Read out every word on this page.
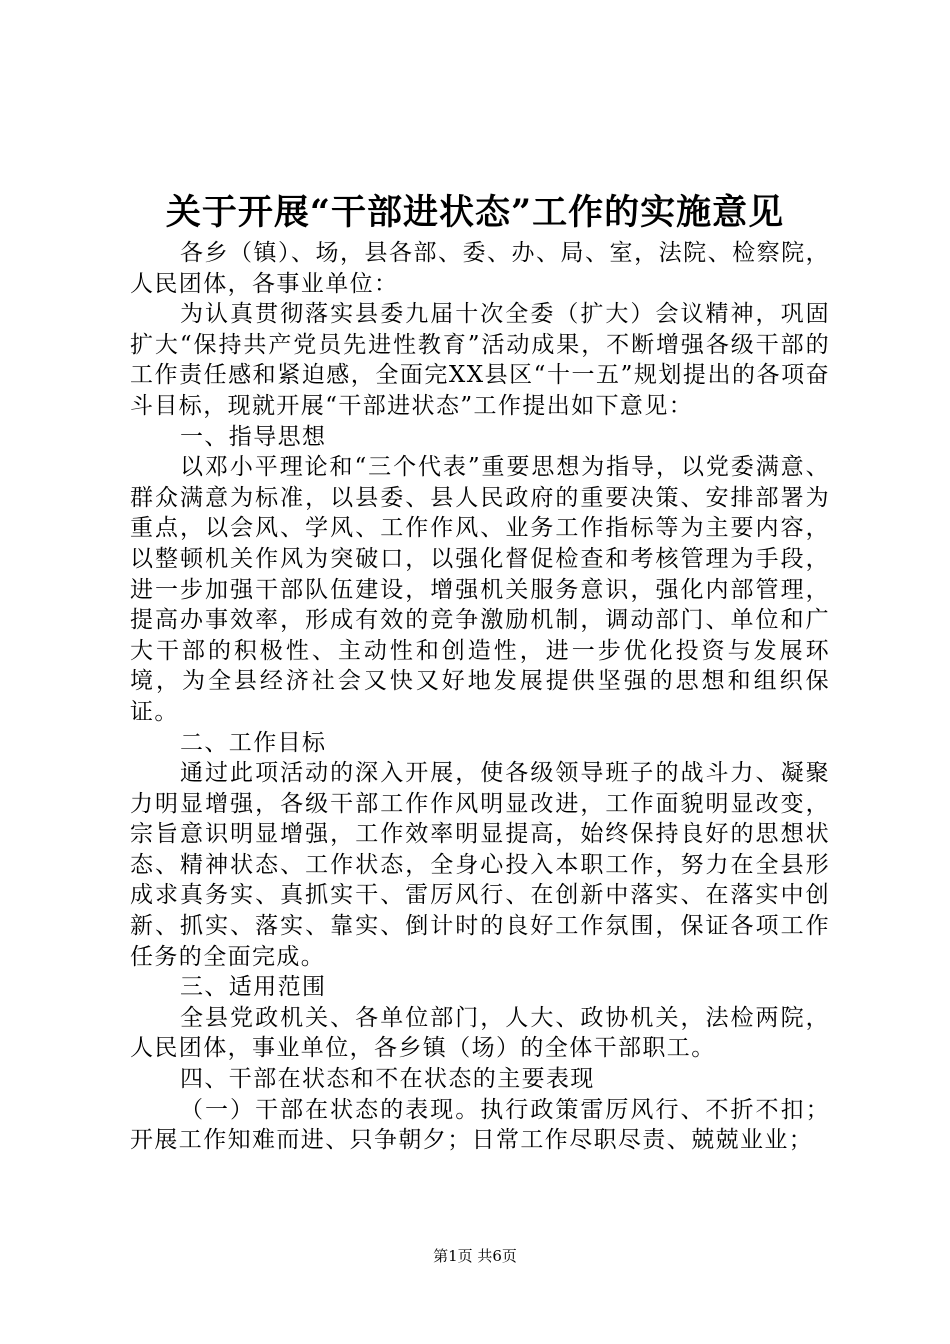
关于开展“干部进状态”工作的实施意见

各乡（镇）、场，县各部、委、办、局、室，法院、检察院，人民团体，各事业单位：

为认真贯彻落实县委九届十次全委（扩大）会议精神，巩固扩大“保持共产党员先进性教育”活动成果，不断增强各级干部的工作责任感和紧迫感，全面完XX县区“十一五”规划提出的各项奋斗目标，现就开展“干部进状态”工作提出如下意见：

一、指导思想

以邓小平理论和“三个代表”重要思想为指导，以党委满意、群众满意为标准，以县委、县人民政府的重要决策、安排部署为重点，以会风、学风、工作作风、业务工作指标等为主要内容，以整顿机关作风为突破口，以强化督促检查和考核管理为手段，进一步加强干部队伍建设，增强机关服务意识，强化内部管理，提高办事效率，形成有效的竞争激励机制，调动部门、单位和广大干部的积极性、主动性和创造性，进一步优化投资与发展环境，为全县经济社会又快又好地发展提供坚强的思想和组织保证。

二、工作目标

通过此项活动的深入开展，使各级领导班子的战斗力、凝聚力明显增强，各级干部工作作风明显改进，工作面貌明显改变，宗旨意识明显增强，工作效率明显提高，始终保持良好的思想状态、精神状态、工作状态，全身心投入本职工作，努力在全县形成求真务实、真抓实干、雷厉风行、在创新中落实、在落实中创新、抓实、落实、靠实、倒计时的良好工作氛围，保证各项工作任务的全面完成。

三、适用范围

全县党政机关、各单位部门，人大、政协机关，法检两院，人民团体，事业单位，各乡镇（场）的全体干部职工。

四、干部在状态和不在状态的主要表现

（一）干部在状态的表现。执行政策雷厉风行、不折不扣；开展工作知难而进、只争朝夕；日常工作尽职尽责、兢兢业业；

第1页 共6页
